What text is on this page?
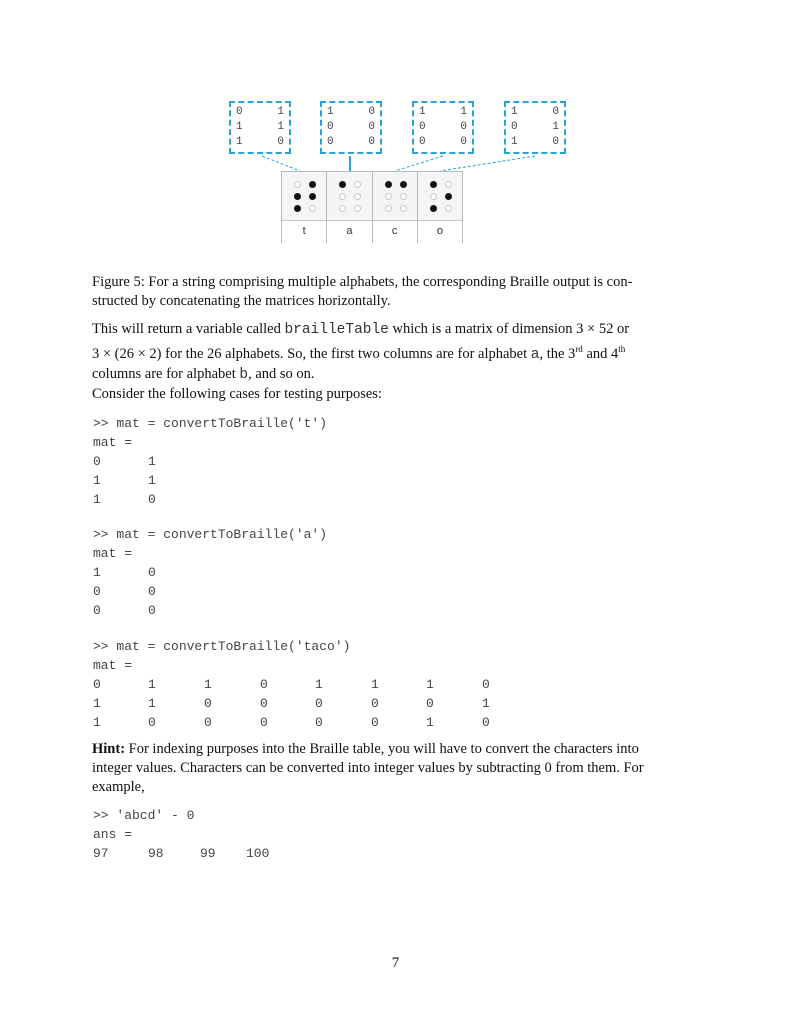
0	1
1	1
1	0
1	0
0	0
0	0
1	1
0	0
0	0
1	0
0	1
1	0
t	a	c	o
Figure 5: For a string comprising multiple alphabets, the corresponding Braille output is con-
structed by concatenating the matrices horizontally.
This will return a variable called brailleTable which is a matrix of dimension 3 × 52 or
3 × (26 × 2) for the 26 alphabets. So, the first two columns are for alphabet a, the 3rd and 4th
columns are for alphabet b, and so on.
Consider the following cases for testing purposes:
>> mat = convertToBraille('t')
mat =
0	1
1	1
1	0
>> mat = convertToBraille('a')
mat =
1	0
0	0
0	0
>> mat = convertToBraille('taco')
mat =
0	1	1	0	1	1	1	0
1	1	0	0	0	0	0	1
1	0	0	0	0	0	1	0
Hint: For indexing purposes into the Braille table, you will have to convert the characters into
integer values. Characters can be converted into integer values by subtracting 0 from them. For
example,
>> 'abcd' - 0
ans =
97	98	99 100
7
